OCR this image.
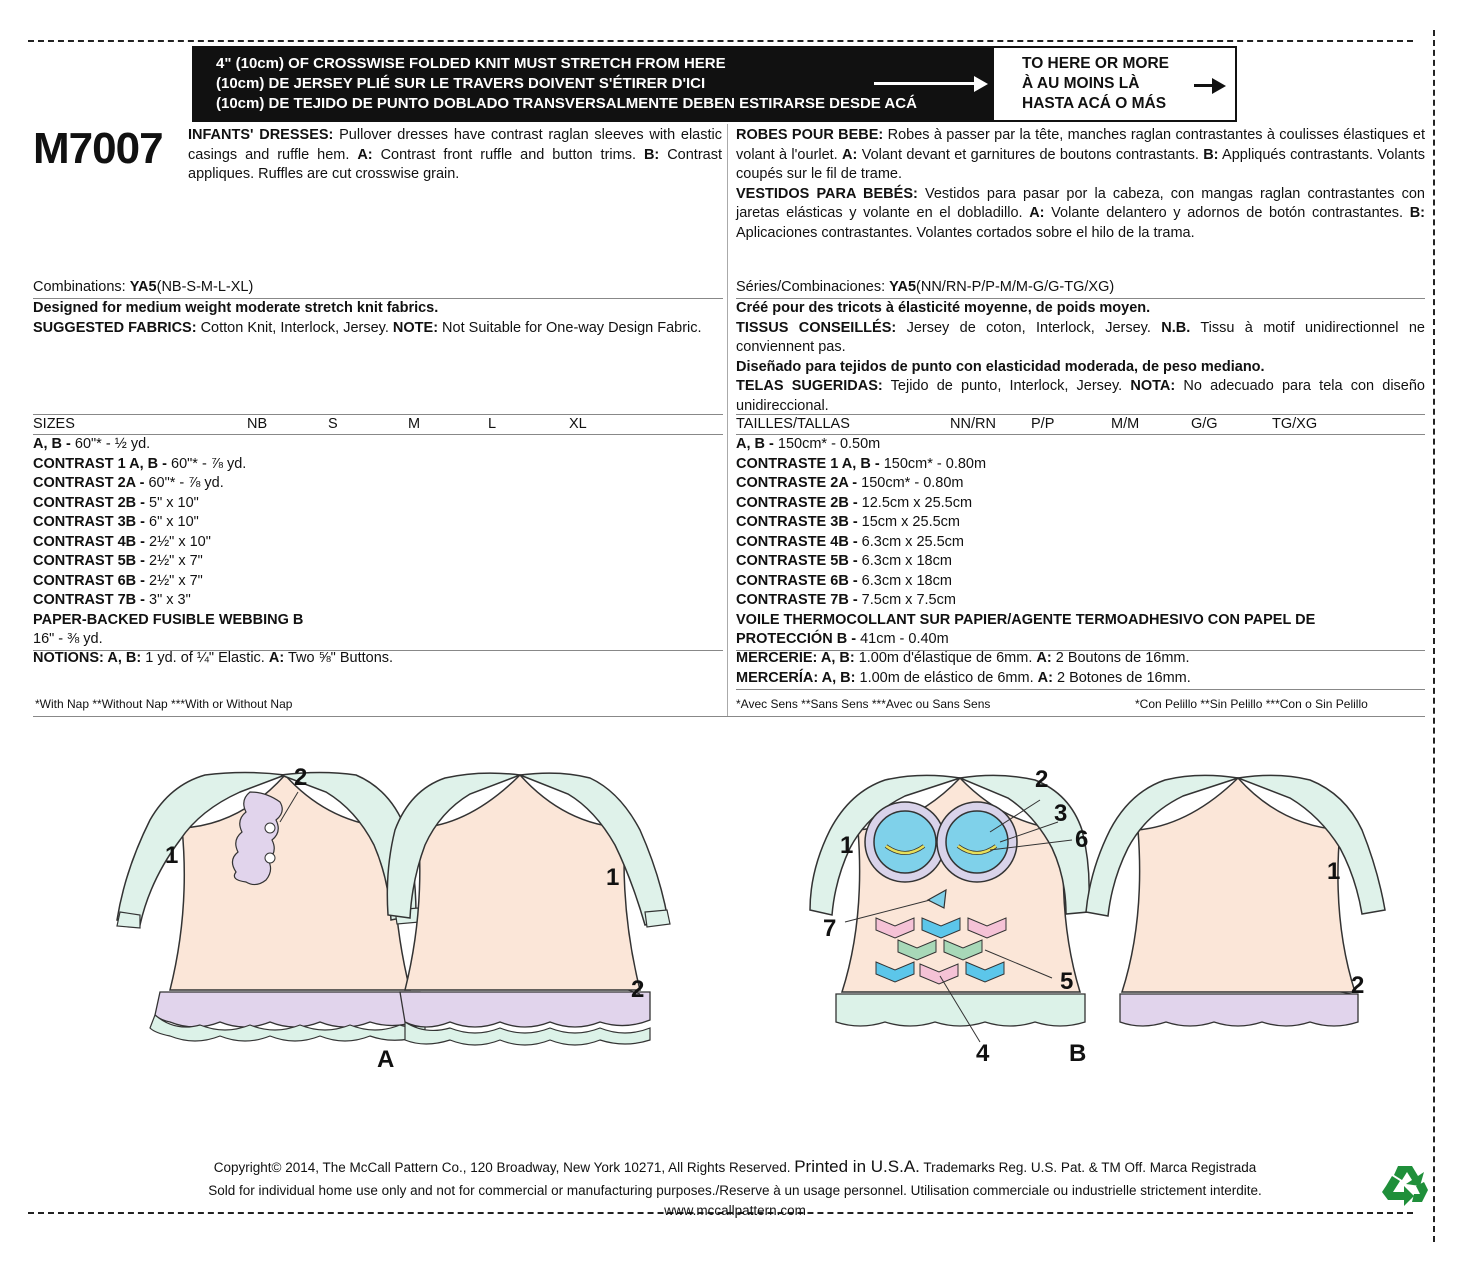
4" (10cm) OF CROSSWISE FOLDED KNIT MUST STRETCH FROM HERE
(10cm) DE JERSEY PLIÉ SUR LE TRAVERS DOIVENT S'ÉTIRER D'ICI
(10cm) DE TEJIDO DE PUNTO DOBLADO TRANSVERSALMENTE DEBEN ESTIRARSE DESDE ACÁ
TO HERE OR MORE
À AU MOINS LÀ
HASTA ACÁ O MÁS
M7007 INFANTS' DRESSES: Pullover dresses have contrast raglan sleeves with elastic casings and ruffle hem. A: Contrast front ruffle and button trims. B: Contrast appliques. Ruffles are cut crosswise grain.
ROBES POUR BEBE: Robes à passer par la tête, manches raglan contrastantes à coulisses élastiques et volant à l'ourlet. A: Volant devant et garnitures de boutons contrastants. B: Appliqués contrastants. Volants coupés sur le fil de trame.
VESTIDOS PARA BEBÉS: Vestidos para pasar por la cabeza, con mangas raglan contrastantes con jaretas elásticas y volante en el dobladillo. A: Volante delantero y adornos de botón contrastantes. B: Aplicaciones contrastantes. Volantes cortados sobre el hilo de la trama.
Combinations: YA5(NB-S-M-L-XL)
Designed for medium weight moderate stretch knit fabrics.
SUGGESTED FABRICS: Cotton Knit, Interlock, Jersey. NOTE: Not Suitable for One-way Design Fabric.
Séries/Combinaciones: YA5(NN/RN-P/P-M/M-G/G-TG/XG)
Créé pour des tricots à élasticité moyenne, de poids moyen.
TISSUS CONSEILLÉS: Jersey de coton, Interlock, Jersey. N.B. Tissu à motif unidirectionnel ne conviennent pas.
Diseñado para tejidos de punto con elasticidad moderada, de peso mediano.
TELAS SUGERIDAS: Tejido de punto, Interlock, Jersey. NOTA: No adecuado para tela con diseño unidireccional.
SIZES	NB	S	M	L	XL	TAILLES/TALLAS	NN/RN P/P	M/M	G/G	TG/XG
A, B - 60"* - ½ yd.
CONTRAST 1 A, B - 60"* - ⅞ yd.
CONTRAST 2A - 60"* - ⅞ yd.
CONTRAST 2B - 5" x 10"
CONTRAST 3B - 6" x 10"
CONTRAST 4B - 2½" x 10"
CONTRAST 5B - 2½" x 7"
CONTRAST 6B - 2½" x 7"
CONTRAST 7B - 3" x 3"
PAPER-BACKED FUSIBLE WEBBING B
16" - ⅜ yd.
NOTIONS: A, B: 1 yd. of ¼" Elastic. A: Two ⅝" Buttons.
*With Nap **Without Nap ***With or Without Nap
A, B - 150cm* - 0.50m
CONTRASTE 1 A, B - 150cm* - 0.80m
CONTRASTE 2A - 150cm* - 0.80m
CONTRASTE 2B - 12.5cm x 25.5cm
CONTRASTE 3B - 15cm x 25.5cm
CONTRASTE 4B - 6.3cm x 25.5cm
CONTRASTE 5B - 6.3cm x 18cm
CONTRASTE 6B - 6.3cm x 18cm
CONTRASTE 7B - 7.5cm x 7.5cm
VOILE THERMOCOLLANT SUR PAPIER/AGENTE TERMOADHESIVO CON PAPEL DE
PROTECCIÓN B - 41cm - 0.40m
MERCERIE: A, B: 1.00m d'élastique de 6mm. A: 2 Boutons de 16mm.
MERCERÍA: A, B: 1.00m de elástico de 6mm. A: 2 Botones de 16mm.
*Avec Sens **Sans Sens ***Avec ou Sans Sens	*Con Pelillo **Sin Pelillo ***Con o Sin Pelillo
1
2
1
2
A
1
2
3
6
7
5
4	B
1
2
Copyright© 2014, The McCall Pattern Co., 120 Broadway, New York 10271, All Rights Reserved. Printed in U.S.A. Trademarks Reg. U.S. Pat. & TM Off. Marca Registrada
Sold for individual home use only and not for commercial or manufacturing purposes./Reserve à un usage personnel. Utilisation commerciale ou industrielle strictement interdite.
www.mccallpattern.com
